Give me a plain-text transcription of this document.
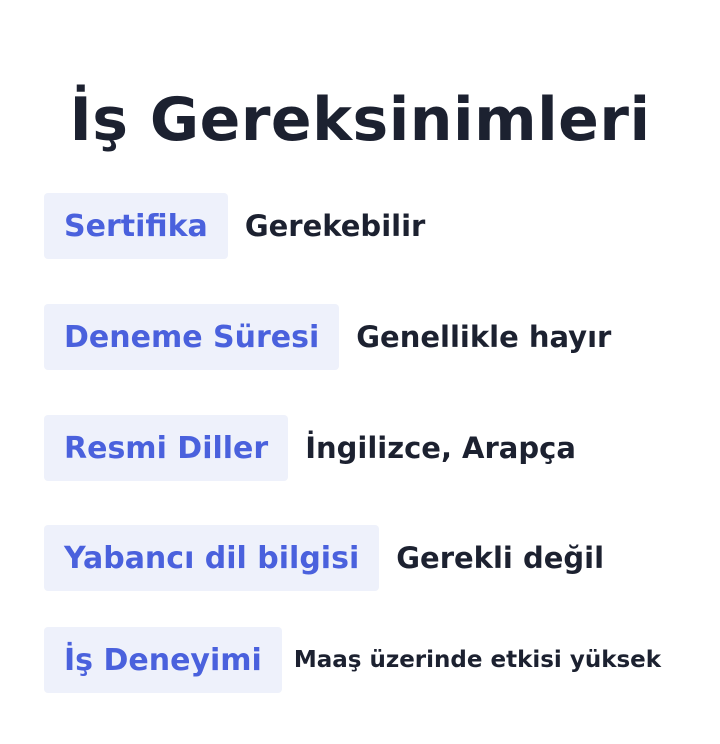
İş Gereksinimleri
Sertifika	Gerekebilir
Deneme Süresi	Genellikle hayır
Resmi Diller	İngilizce, Arapça
Yabancı dil bilgisi	Gerekli değil
İş Deneyimi	Maaş üzerinde etkisi yüksek
